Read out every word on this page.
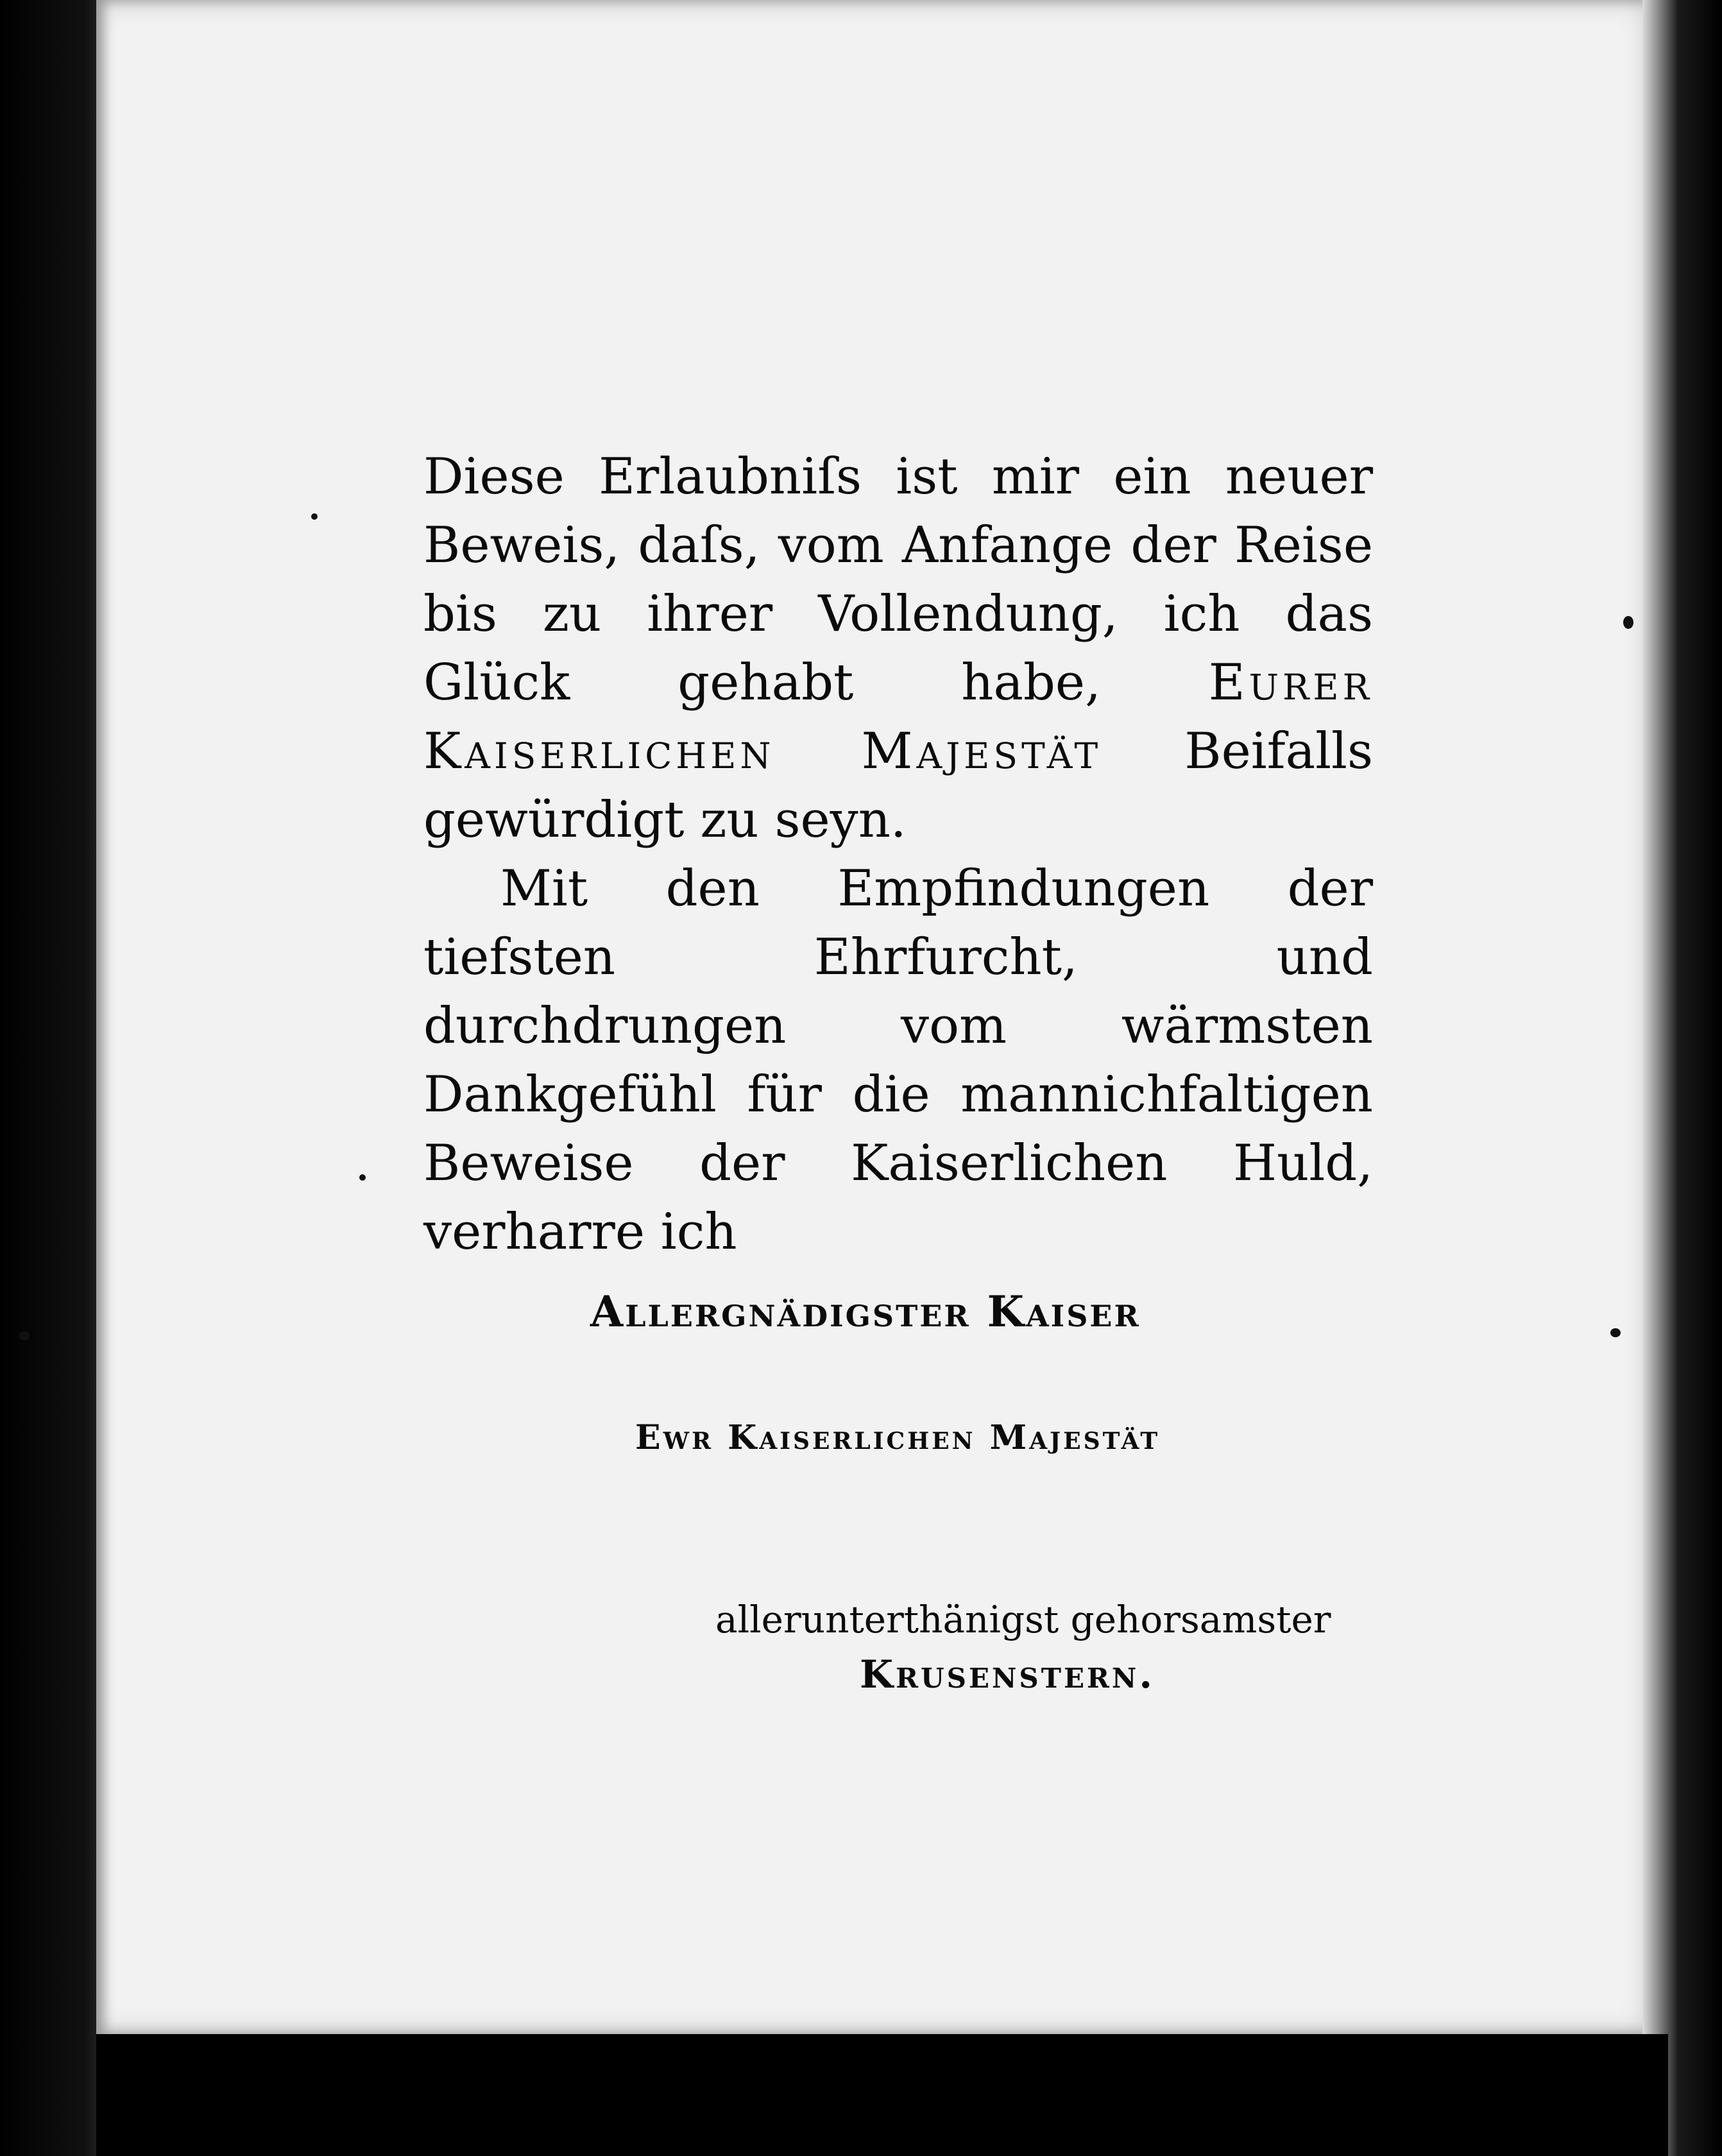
Diese Erlaubniſs ist mir ein neuer Beweis, daſs, vom Anfange der Reise bis zu ihrer Vollendung, ich das Glück gehabt habe, Eurer Kaiserlichen Majestät Beifalls gewürdigt zu seyn.

Mit den Empfindungen der tiefsten Ehrfurcht, und durchdrungen vom wärmsten Dankgefühl für die mannichfaltigen Beweise der Kaiserlichen Huld, verharre ich

Allergnädigster Kaiser
Ewr Kaiserlichen Majestät
allerunterthänigst gehorsamster
Krusenstern.
